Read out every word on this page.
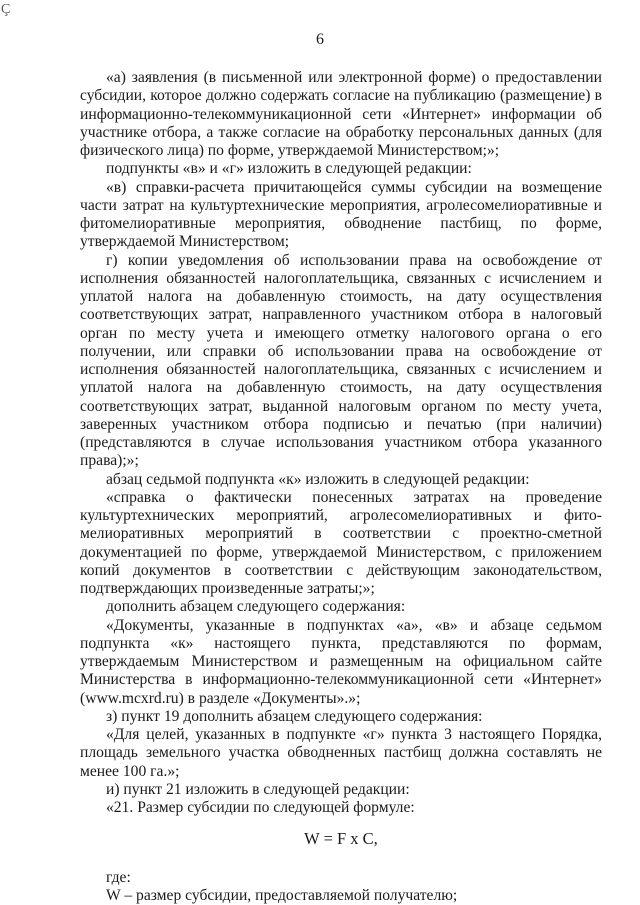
Ç
6

«а) заявления (в письменной или электронной форме) о предоставлении субсидии, которое должно содержать согласие на публикацию (размещение) в информационно-телекоммуникационной сети «Интернет» информации об участнике отбора, а также согласие на обработку персональных данных (для физического лица) по форме, утверждаемой Министерством;»;

подпункты «в» и «г» изложить в следующей редакции:

«в) справки-расчета причитающейся суммы субсидии на возмещение части затрат на культуртехнические мероприятия, агролесомелиоративные и фитомелиоративные мероприятия, обводнение пастбищ, по форме, утверждаемой Министерством;

г) копии уведомления об использовании права на освобождение от исполнения обязанностей налогоплательщика, связанных с исчислением и уплатой налога на добавленную стоимость, на дату осуществления соответствующих затрат, направленного участником отбора в налоговый орган по месту учета и имеющего отметку налогового органа о его получении, или справки об использовании права на освобождение от исполнения обязанностей налогоплательщика, связанных с исчислением и уплатой налога на добавленную стоимость, на дату осуществления соответствующих затрат, выданной налоговым органом по месту учета, заверенных участником отбора подписью и печатью (при наличии) (представляются в случае использования участником отбора указанного права);»;

абзац седьмой подпункта «к» изложить в следующей редакции:

«справка о фактически понесенных затратах на проведение культуртехнических мероприятий, агролесомелиоративных и фито-мелиоративных мероприятий в соответствии с проектно-сметной документацией по форме, утверждаемой Министерством, с приложением копий документов в соответствии с действующим законодательством, подтверждающих произведенные затраты;»;

дополнить абзацем следующего содержания:

«Документы, указанные в подпунктах «а», «в» и абзаце седьмом подпункта «к» настоящего пункта, представляются по формам, утверждаемым Министерством и размещенным на официальном сайте Министерства в информационно-телекоммуникационной сети «Интернет» (www.mcxrd.ru) в разделе «Документы».»;

з) пункт 19 дополнить абзацем следующего содержания:

«Для целей, указанных в подпункте «г» пункта 3 настоящего Порядка, площадь земельного участка обводненных пастбищ должна составлять не менее 100 га.»;

и) пункт 21 изложить в следующей редакции:

«21. Размер субсидии по следующей формуле:

W = F x C,

где:

W – размер субсидии, предоставляемой получателю;
